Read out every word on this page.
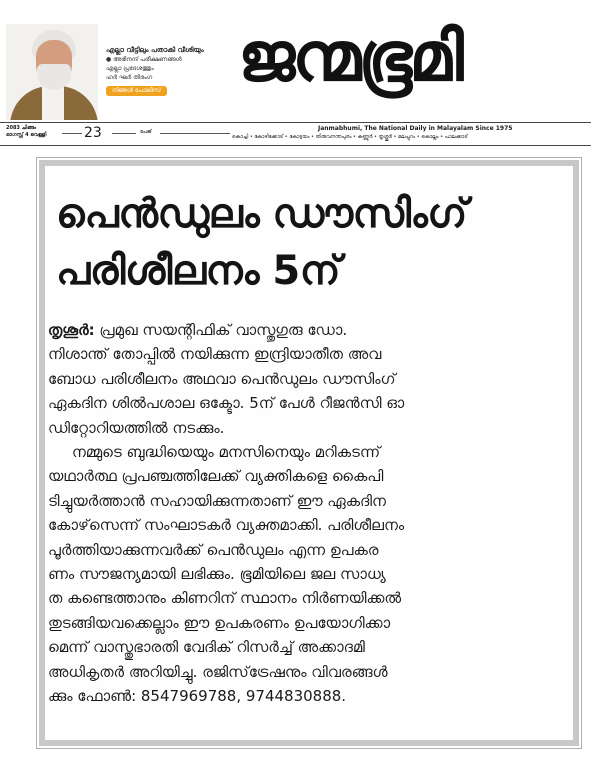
എല്ലാ വീട്ടിലും പതാകി വീശിയും
● അഭിനന്ദ് പരീക്ഷണങ്ങൾ
എല്ലാ പ്രദേശത്തും
ഹർ ഘർ തിരംഗ
നിങ്ങൾ പോലീസ്	ജന്മഭൂമി
2083 ചിങ്ങം
ഓഗസ്റ്റ് 4 വെള്ളി	23	പേജ്	Janmabhumi, The National Daily in Malayalam Since 1975
കൊച്ചി • കോഴിക്കോട് • കോട്ടയം • തിരുവനന്തപുരം • കണ്ണൂർ • തൃശ്ശൂർ • മലപ്പുറം • കൊല്ലം • പാലക്കാട്
പെൻഡുലം ഡൗസിംഗ്
പരിശീലനം 5ന്
തൃശൂർ: പ്രമുഖ സയന്റിഫിക് വാസ്തുഗുരു ഡോ.
നിശാന്ത് തോപ്പിൽ നയിക്കുന്ന ഇന്ദ്രിയാതീത അവ
ബോധ പരിശീലനം അഥവാ പെൻഡുലം ഡൗസിംഗ്
ഏകദിന ശിൽപശാല ഒക്ടോ. 5ന് പേൾ റീജൻസി ഓ
ഡിറ്റോറിയത്തിൽ നടക്കും.
നമ്മുടെ ബുദ്ധിയെയും മനസിനെയും മറികടന്ന്
യഥാർത്ഥ പ്രപഞ്ചത്തിലേക്ക് വ്യക്തികളെ കൈപി
ടിച്ചുയർത്താൻ സഹായിക്കുന്നതാണ് ഈ ഏകദിന
കോഴ്‌സെന്ന് സംഘാടകർ വ്യക്തമാക്കി. പരിശീലനം
പൂർത്തിയാക്കുന്നവർക്ക് പെൻഡുലം എന്ന ഉപകര
ണം സൗജന്യമായി ലഭിക്കും. ഭൂമിയിലെ ജല സാധ്യ
ത കണ്ടെത്താനും കിണറിന് സ്ഥാനം നിർണയിക്കൽ
തുടങ്ങിയവക്കെല്ലാം ഈ ഉപകരണം ഉപയോഗിക്കാ
മെന്ന് വാസ്തുഭാരതി വേദിക് റിസർച്ച് അക്കാദമി
അധികൃതർ അറിയിച്ചു. രജിസ്‌ട്രേഷനും വിവരങ്ങൾ
ക്കും ഫോൺ: 8547969788, 9744830888.
